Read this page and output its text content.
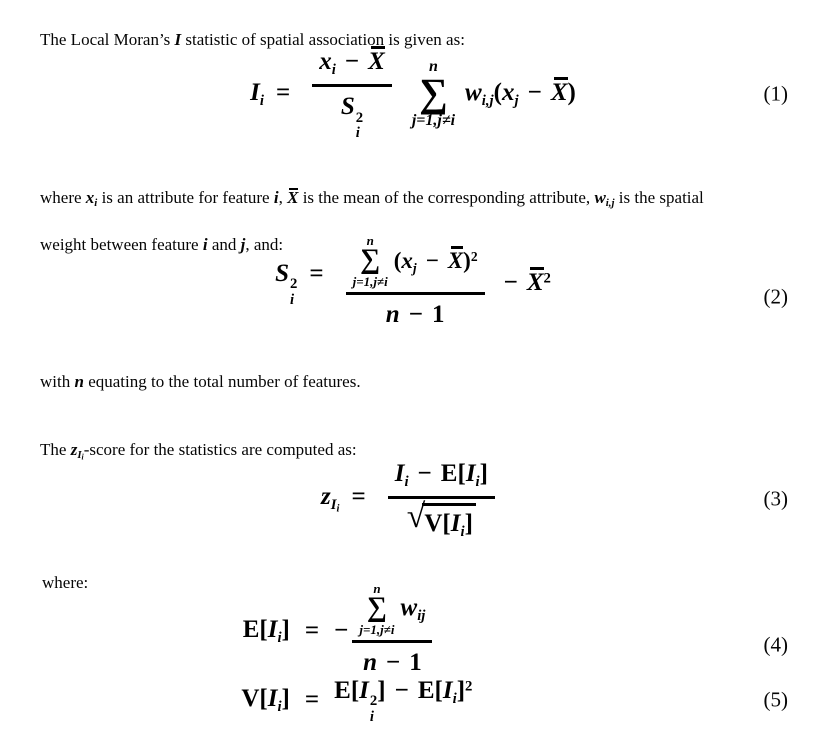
The Local Moran’s I statistic of spatial association is given as:

Ii = xi − X
S 2
i n
∑
j=1,j≠i
wi,j(xj − X)	(1)

where xi is an attribute for feature i, X is the mean of the corresponding attribute, wi,j is the spatial
weight between feature i and j, and:

S 2
i
=
n
∑
j=1,j≠i
(xj − X)$^2$
n − 1
− $X^2$
(2)

with n equating to the total number of features.

The zIi-score for the statistics are computed as:

zIi = $\frac{Ii - E[Ii]}{√ V[Ii]}$	(3)

where:

E[Ii] = −
n
∑
j=1,j≠i
wij
n − 1
(4)
V[Ii] = E[I 2
i
] − $E[Ii]^2$
(5)
